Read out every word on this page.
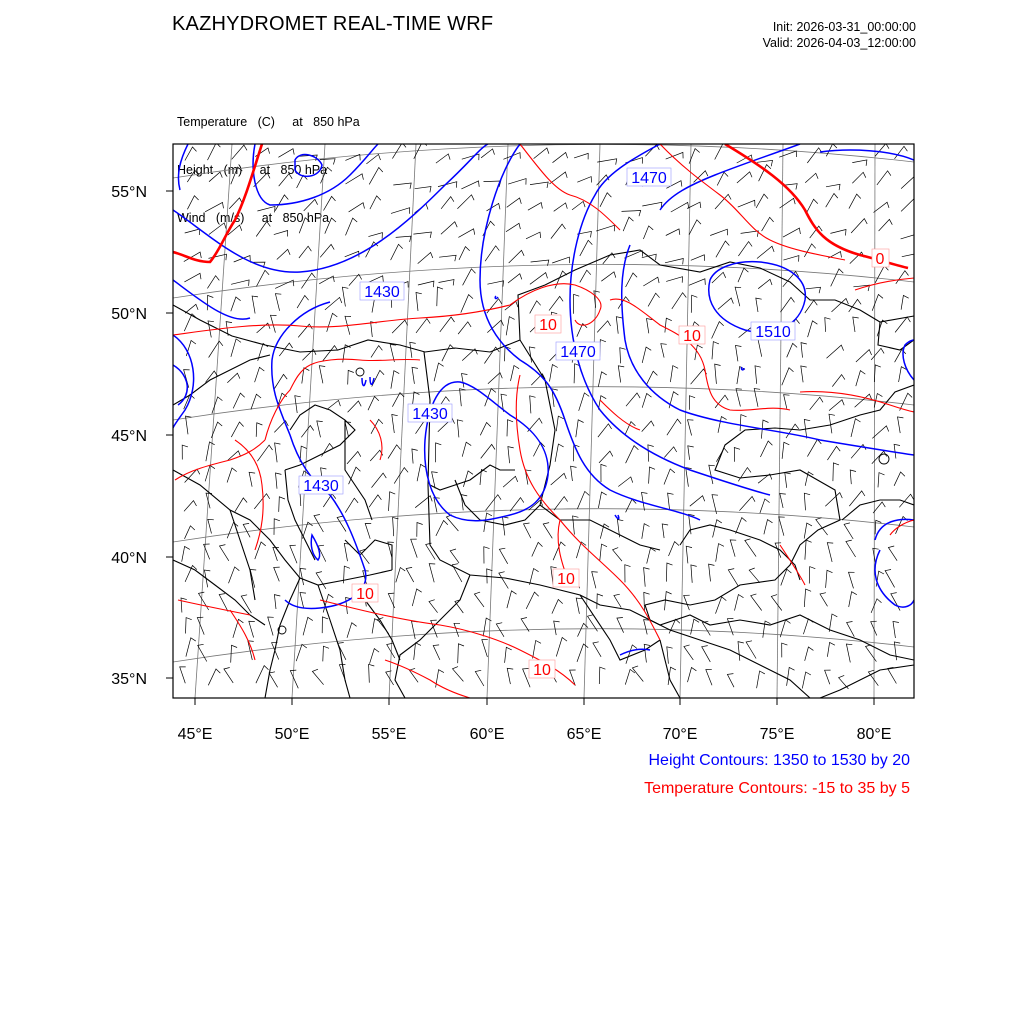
KAZHYDROMET REAL-TIME WRF	Init: 2026-03-31_00:00:00
Valid: 2026-04-03_12:00:00

Temperature   (C)     at   850 hPa

Height   (m)     at   850 hPa

Wind   (m/s)     at   850 hPa

1470
1430
1470
1510
1430
1430
0
10
10
10
10
10
55°N
50°N
45°N
40°N
35°N
45°E	50°E	55°E	60°E	65°E	70°E	75°E	80°E
Height Contours: 1350 to 1530 by 20
Temperature Contours: -15 to 35 by 5
